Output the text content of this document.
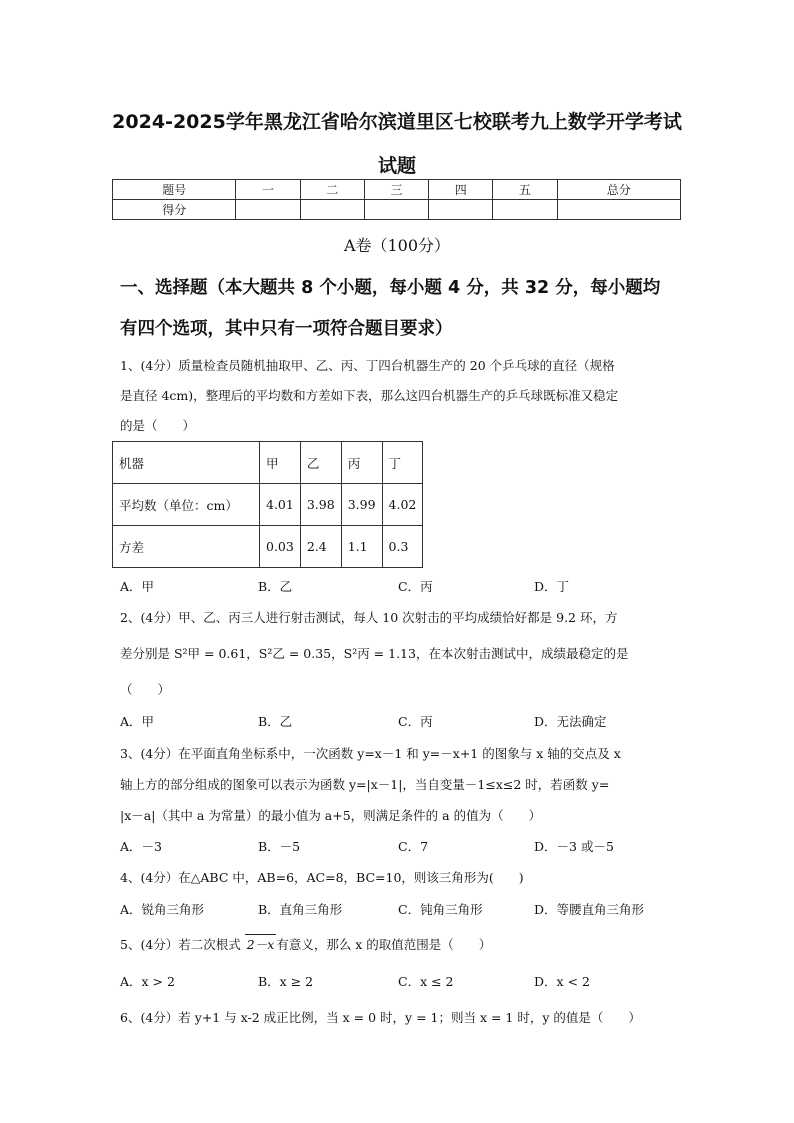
2024-2025学年黑龙江省哈尔滨道里区七校联考九上数学开学考试
试题
题号	一	二	三	四	五	总分
得分						
A卷（100分）
一、选择题（本大题共 8 个小题，每小题 4 分，共 32 分，每小题均
有四个选项，其中只有一项符合题目要求）
1、(4分）质量检查员随机抽取甲、乙、丙、丁四台机器生产的 20 个乒乓球的直径（规格
是直径 4cm)，整理后的平均数和方差如下表，那么这四台机器生产的乒乓球既标准又稳定
的是（　　）
机器	甲	乙	丙	丁
平均数（单位：cm）	4.01	3.98	3.99	4.02
方差	0.03	2.4	1.1	0.3
A．甲	B．乙	C．丙	D．丁
2、(4分）甲、乙、丙三人进行射击测试，每人 10 次射击的平均成绩恰好都是 9.2 环，方
差分别是 S²甲 = 0.61，S²乙 = 0.35，S²丙 = 1.13，在本次射击测试中，成绩最稳定的是
（　　）
A．甲	B．乙	C．丙	D．无法确定
3、(4分）在平面直角坐标系中，一次函数 y=x－1 和 y=－x+1 的图象与 x 轴的交点及 x
轴上方的部分组成的图象可以表示为函数 y=|x－1|，当自变量－1≤x≤2 时，若函数 y=
|x－a|（其中 a 为常量）的最小值为 a+5，则满足条件的 a 的值为（　　）
A．－3	B．－5	C．7	D．－3 或－5
4、(4分）在△ABC 中，AB=6，AC=8，BC=10，则该三角形为(　　)
A．锐角三角形	B．直角三角形	C．钝角三角形	D．等腰直角三角形
5、(4分）若二次根式 2－x 有意义，那么 x 的取值范围是（　　）
A．x > 2	B．x ≥ 2	C．x ≤ 2	D．x < 2
6、(4分）若 y+1 与 x-2 成正比例，当 x = 0 时，y = 1；则当 x = 1 时，y 的值是（　　）
